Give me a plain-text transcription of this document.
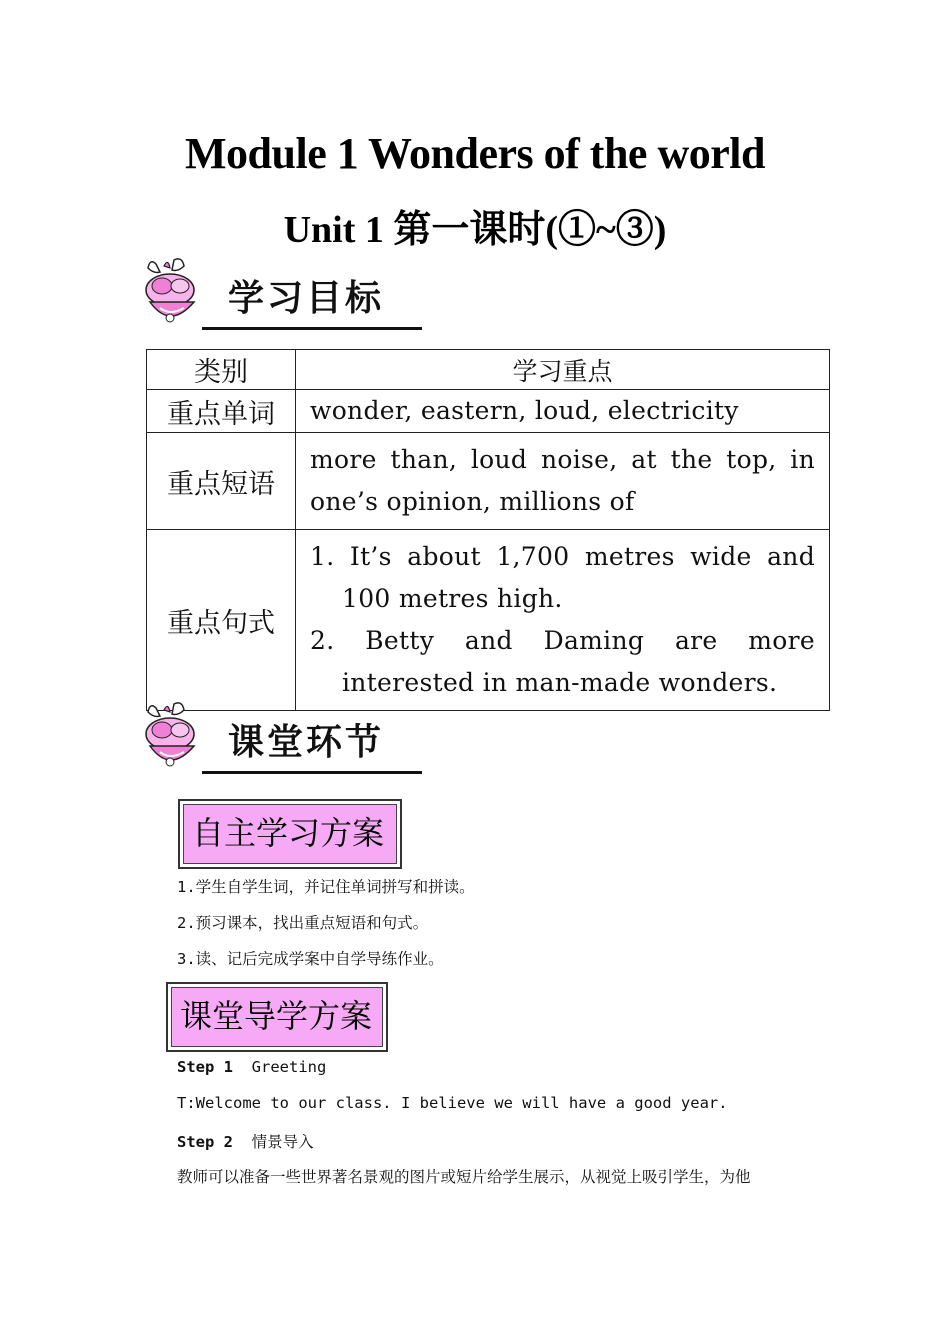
Module 1 Wonders of the world
Unit 1 第一课时(①~③)
学习目标
类别	学习重点
重点单词	wonder, eastern, loud, electricity
重点短语	more than, loud noise, at the top, in one’s opinion, millions of
重点句式	1. It’s about 1,700 metres wide and 100 metres high.
2. Betty and Daming are more interested in man-made wonders.
课堂环节
自主学习方案
1.学生自学生词，并记住单词拼写和拼读。
2.预习课本，找出重点短语和句式。
3.读、记后完成学案中自学导练作业。
课堂导学方案
Step 1 Greeting
T:Welcome to our class. I believe we will have a good year.
Step 2 情景导入
教师可以准备一些世界著名景观的图片或短片给学生展示，从视觉上吸引学生，为他
